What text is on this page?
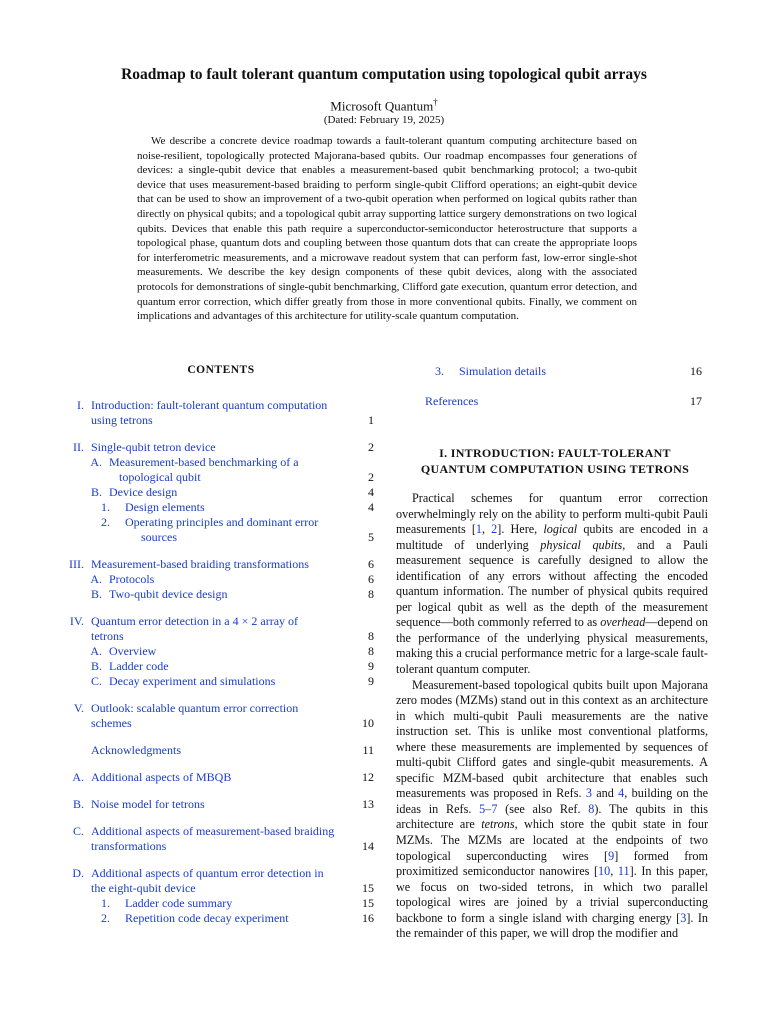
Roadmap to fault tolerant quantum computation using topological qubit arrays
Microsoft Quantum†
(Dated: February 19, 2025)

We describe a concrete device roadmap towards a fault-tolerant quantum computing architecture based on noise-resilient, topologically protected Majorana-based qubits. Our roadmap encompasses four generations of devices: a single-qubit device that enables a measurement-based qubit benchmarking protocol; a two-qubit device that uses measurement-based braiding to perform single-qubit Clifford operations; an eight-qubit device that can be used to show an improvement of a two-qubit operation when performed on logical qubits rather than directly on physical qubits; and a topological qubit array supporting lattice surgery demonstrations on two logical qubits. Devices that enable this path require a superconductor-semiconductor heterostructure that supports a topological phase, quantum dots and coupling between those quantum dots that can create the appropriate loops for interferometric measurements, and a microwave readout system that can perform fast, low-error single-shot measurements. We describe the key design components of these qubit devices, along with the associated protocols for demonstrations of single-qubit benchmarking, Clifford gate execution, quantum error detection, and quantum error correction, which differ greatly from those in more conventional qubits. Finally, we comment on implications and advantages of this architecture for utility-scale quantum computation.

CONTENTS
I. Introduction: fault-tolerant quantum computation
using tetrons	1
II. Single-qubit tetron device	2
A. Measurement-based benchmarking of a
topological qubit	2
B. Device design	4
1. Design elements	4
2. Operating principles and dominant error
sources	5
III. Measurement-based braiding transformations	6
A. Protocols	6
B. Two-qubit device design	8
IV. Quantum error detection in a 4 × 2 array of
tetrons	8
A. Overview	8
B. Ladder code	9
C. Decay experiment and simulations	9
V. Outlook: scalable quantum error correction
schemes	10
Acknowledgments	11
A. Additional aspects of MBQB	12
B. Noise model for tetrons	13
C. Additional aspects of measurement-based braiding
transformations	14
D. Additional aspects of quantum error detection in
the eight-qubit device	15
1. Ladder code summary	15
2. Repetition code decay experiment	16
3. Simulation details	16
References	17
I. INTRODUCTION: FAULT-TOLERANT
QUANTUM COMPUTATION USING TETRONS

Practical schemes for quantum error correction overwhelmingly rely on the ability to perform multi-qubit Pauli measurements [1, 2]. Here, logical qubits are encoded in a multitude of underlying physical qubits, and a Pauli measurement sequence is carefully designed to allow the identification of any errors without affecting the encoded quantum information. The number of physical qubits required per logical qubit as well as the depth of the measurement sequence—both commonly referred to as overhead—depend on the performance of the underlying physical measurements, making this a crucial performance metric for a large-scale fault-tolerant quantum computer.

Measurement-based topological qubits built upon Majorana zero modes (MZMs) stand out in this context as an architecture in which multi-qubit Pauli measurements are the native instruction set. This is unlike most conventional platforms, where these measurements are implemented by sequences of multi-qubit Clifford gates and single-qubit measurements. A specific MZM-based qubit architecture that enables such measurements was proposed in Refs. 3 and 4, building on the ideas in Refs. 5–7 (see also Ref. 8). The qubits in this architecture are tetrons, which store the qubit state in four MZMs. The MZMs are located at the endpoints of two topological superconducting wires [9] formed from proximitized semiconductor nanowires [10, 11]. In this paper, we focus on two-sided tetrons, in which two parallel topological wires are joined by a trivial superconducting backbone to form a single island with charging energy [3]. In the remainder of this paper, we will drop the modifier and
